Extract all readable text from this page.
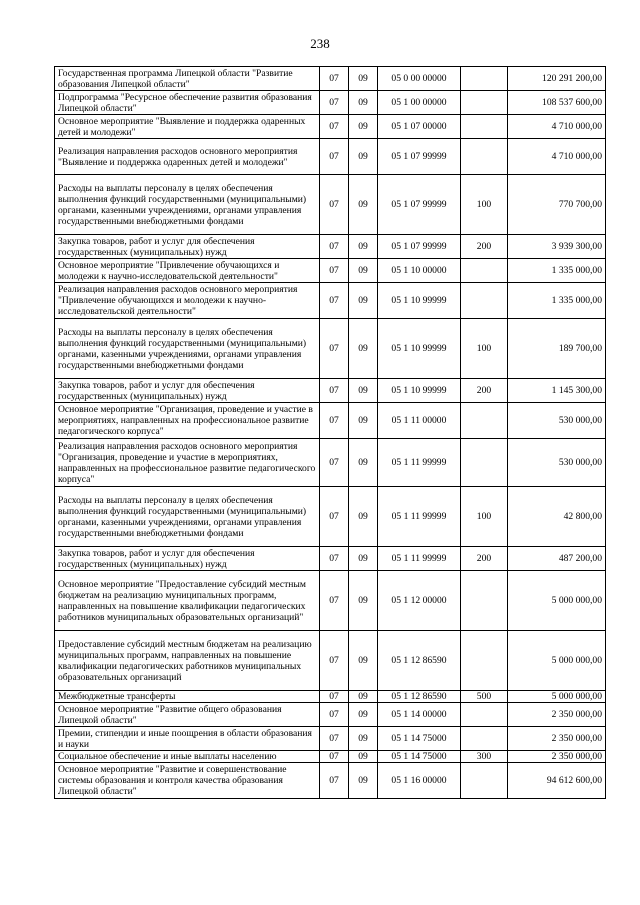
238
Государственная программа Липецкой области "Развитие образования Липецкой области"	07	09	05 0 00 00000		120 291 200,00
Подпрограмма "Ресурсное обеспечение развития образования Липецкой области"	07	09	05 1 00 00000		108 537 600,00
Основное мероприятие "Выявление и поддержка одаренных детей и молодежи"	07	09	05 1 07 00000		4 710 000,00
Реализация направления расходов основного мероприятия "Выявление и поддержка одаренных детей и молодежи"	07	09	05 1 07 99999		4 710 000,00
Расходы на выплаты персоналу в целях обеспечения выполнения функций государственными (муниципальными) органами, казенными учреждениями, органами управления государственными внебюджетными фондами	07	09	05 1 07 99999	100	770 700,00
Закупка товаров, работ и услуг для обеспечения государственных (муниципальных) нужд	07	09	05 1 07 99999	200	3 939 300,00
Основное мероприятие "Привлечение обучающихся и молодежи к научно-исследовательской деятельности"	07	09	05 1 10 00000		1 335 000,00
Реализация направления расходов основного мероприятия "Привлечение обучающихся и молодежи к научно-исследовательской деятельности"	07	09	05 1 10 99999		1 335 000,00
Расходы на выплаты персоналу в целях обеспечения выполнения функций государственными (муниципальными) органами, казенными учреждениями, органами управления государственными внебюджетными фондами	07	09	05 1 10 99999	100	189 700,00
Закупка товаров, работ и услуг для обеспечения государственных (муниципальных) нужд	07	09	05 1 10 99999	200	1 145 300,00
Основное мероприятие "Организация, проведение и участие в мероприятиях, направленных на профессиональное развитие педагогического корпуса"	07	09	05 1 11 00000		530 000,00
Реализация направления расходов основного мероприятия "Организация, проведение и участие в мероприятиях, направленных на профессиональное развитие педагогического корпуса"	07	09	05 1 11 99999		530 000,00
Расходы на выплаты персоналу в целях обеспечения выполнения функций государственными (муниципальными) органами, казенными учреждениями, органами управления государственными внебюджетными фондами	07	09	05 1 11 99999	100	42 800,00
Закупка товаров, работ и услуг для обеспечения государственных (муниципальных) нужд	07	09	05 1 11 99999	200	487 200,00
Основное мероприятие "Предоставление субсидий местным бюджетам на реализацию муниципальных программ, направленных на повышение квалификации педагогических работников муниципальных образовательных организаций"	07	09	05 1 12 00000		5 000 000,00
Предоставление субсидий местным бюджетам на реализацию муниципальных программ, направленных на повышение квалификации педагогических работников муниципальных образовательных организаций	07	09	05 1 12 86590		5 000 000,00
Межбюджетные трансферты	07	09	05 1 12 86590	500	5 000 000,00
Основное мероприятие "Развитие общего образования Липецкой области"	07	09	05 1 14 00000		2 350 000,00
Премии, стипендии и иные поощрения в области образования и науки	07	09	05 1 14 75000		2 350 000,00
Социальное обеспечение и иные выплаты населению	07	09	05 1 14 75000	300	2 350 000,00
Основное мероприятие "Развитие и совершенствование системы образования и контроля качества образования Липецкой области"	07	09	05 1 16 00000		94 612 600,00
